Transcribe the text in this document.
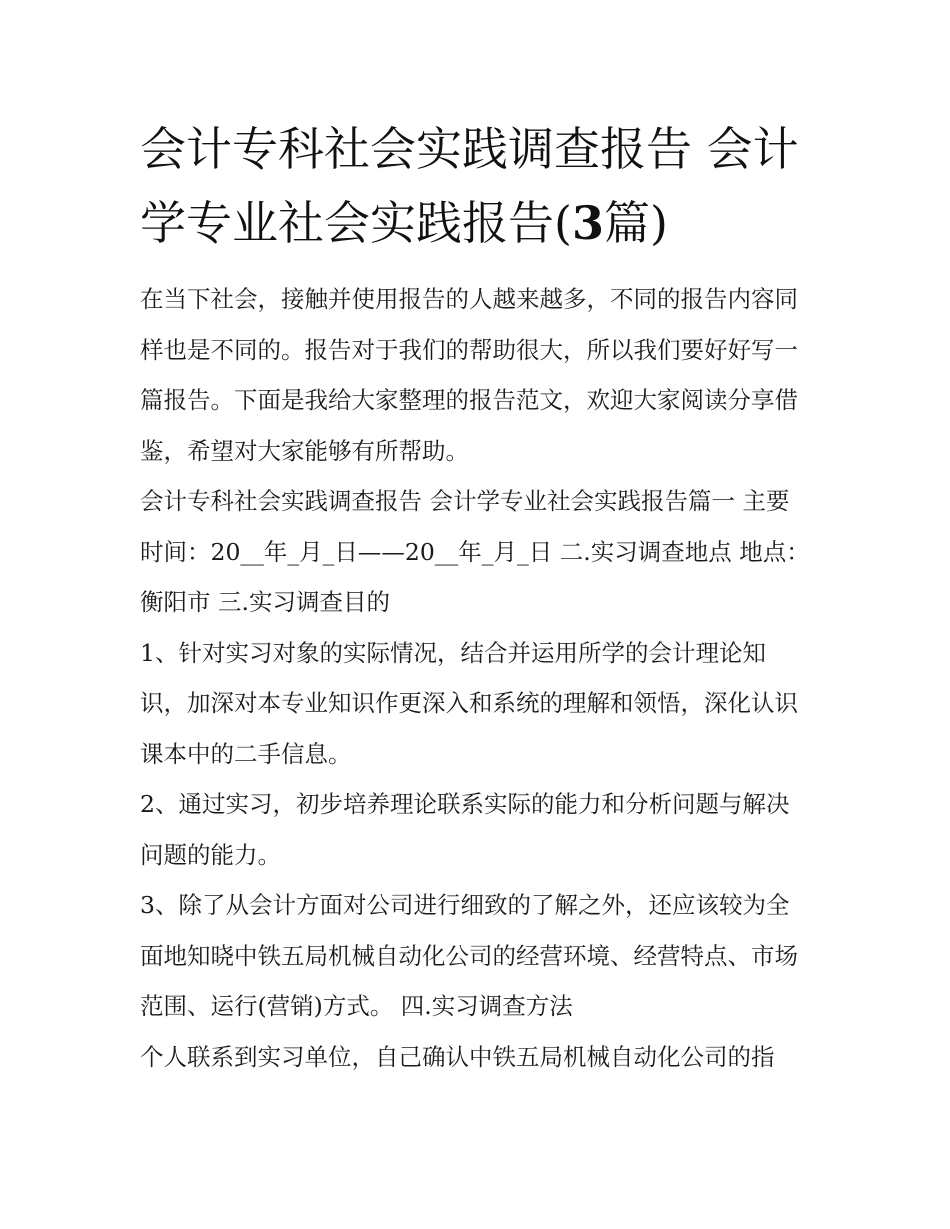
会计专科社会实践调查报告 会计学专业社会实践报告(3篇)

在当下社会，接触并使用报告的人越来越多，不同的报告内容同样也是不同的。报告对于我们的帮助很大，所以我们要好好写一篇报告。下面是我给大家整理的报告范文，欢迎大家阅读分享借鉴，希望对大家能够有所帮助。

会计专科社会实践调查报告 会计学专业社会实践报告篇一 主要时间：20__年_月_日——20__年_月_日 二.实习调查地点 地点：衡阳市 三.实习调查目的

1、针对实习对象的实际情况，结合并运用所学的会计理论知识，加深对本专业知识作更深入和系统的理解和领悟，深化认识课本中的二手信息。

2、通过实习，初步培养理论联系实际的能力和分析问题与解决问题的能力。

3、除了从会计方面对公司进行细致的了解之外，还应该较为全面地知晓中铁五局机械自动化公司的经营环境、经营特点、市场范围、运行(营销)方式。 四.实习调查方法

个人联系到实习单位，自己确认中铁五局机械自动化公司的指
